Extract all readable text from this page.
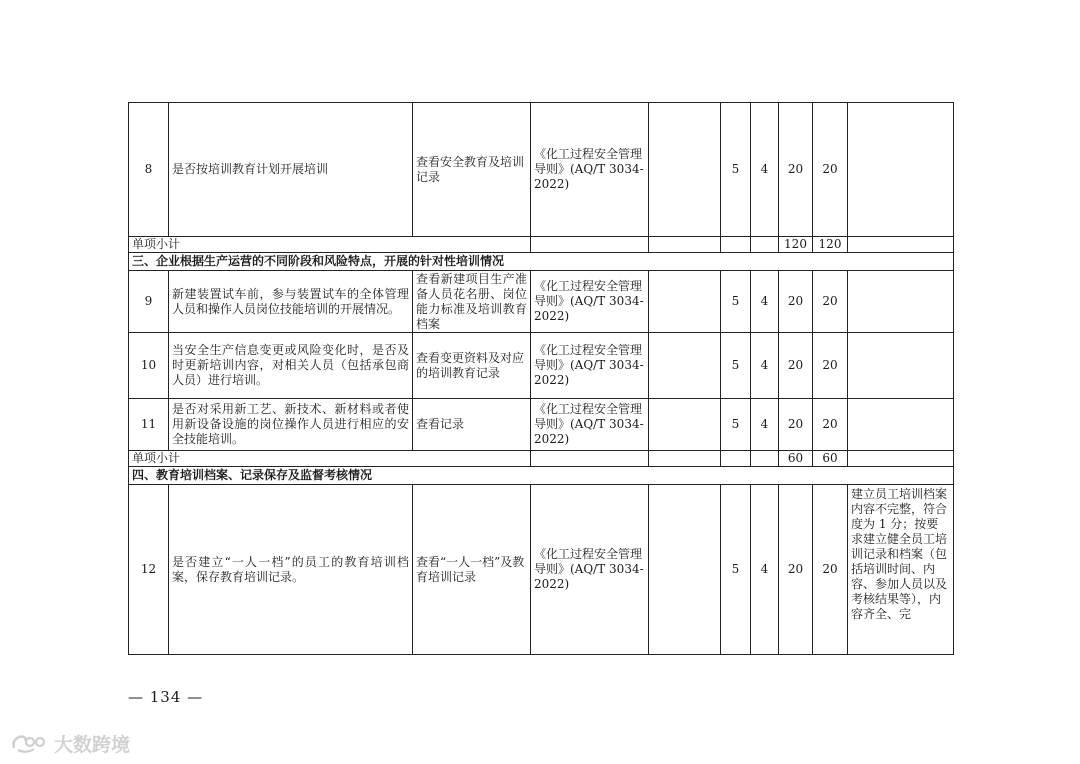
8	是否按培训教育计划开展培训	查看安全教育及培训记录	《化工过程安全管理导则》(AQ/T 3034-2022)		5	4	20	20	
单项小计							120	120	
三、企业根据生产运营的不同阶段和风险特点，开展的针对性培训情况									
9	新建装置试车前，参与装置试车的全体管理人员和操作人员岗位技能培训的开展情况。	查看新建项目生产准备人员花名册、岗位能力标准及培训教育档案	《化工过程安全管理导则》(AQ/T 3034-2022)		5	4	20	20	
10	当安全生产信息变更或风险变化时，是否及时更新培训内容，对相关人员（包括承包商人员）进行培训。	查看变更资料及对应的培训教育记录	《化工过程安全管理导则》(AQ/T 3034-2022)		5	4	20	20	
11	是否对采用新工艺、新技术、新材料或者使用新设备设施的岗位操作人员进行相应的安全技能培训。	查看记录	《化工过程安全管理导则》(AQ/T 3034-2022)		5	4	20	20	
单项小计							60	60	
四、教育培训档案、记录保存及监督考核情况									
12	是否建立“一人一档”的员工的教育培训档案，保存教育培训记录。	查看“一人一档”及教育培训记录	《化工过程安全管理导则》(AQ/T 3034-2022)		5	4	20	20	建立员工培训档案内容不完整，符合度为 1 分；按要求建立健全员工培训记录和档案（包括培训时间、内容、参加人员以及考核结果等），内容齐全、完
— 134 —
大数跨境
